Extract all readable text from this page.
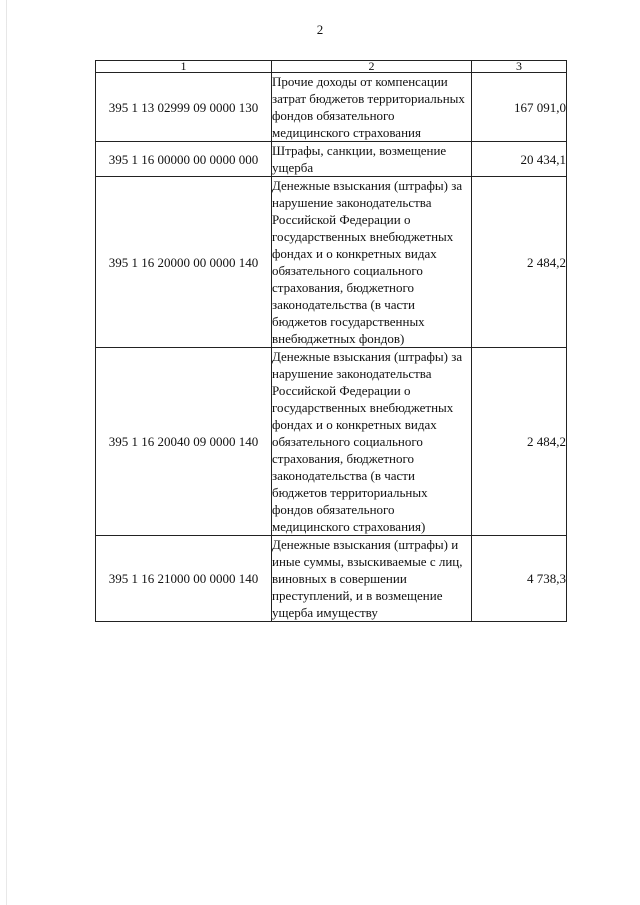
2
1	2	3
395 1 13 02999 09 0000 130	Прочие доходы от компенсации затрат бюджетов территориальных фондов обязательного медицинского страхования	167 091,0
395 1 16 00000 00 0000 000	Штрафы, санкции, возмещение ущерба	20 434,1
395 1 16 20000 00 0000 140	Денежные взыскания (штрафы) за нарушение законодательства Российской Федерации о государственных внебюджетных фондах и о конкретных видах обязательного социального страхования, бюджетного законодательства (в части бюджетов государственных внебюджетных фондов)	2 484,2
395 1 16 20040 09 0000 140	Денежные взыскания (штрафы) за нарушение законодательства Российской Федерации о государственных внебюджетных фондах и о конкретных видах обязательного социального страхования, бюджетного законодательства (в части бюджетов территориальных фондов обязательного медицинского страхования)	2 484,2
395 1 16 21000 00 0000 140	Денежные взыскания (штрафы) и иные суммы, взыскиваемые с лиц, виновных в совершении преступлений, и в возмещение ущерба имуществу	4 738,3
